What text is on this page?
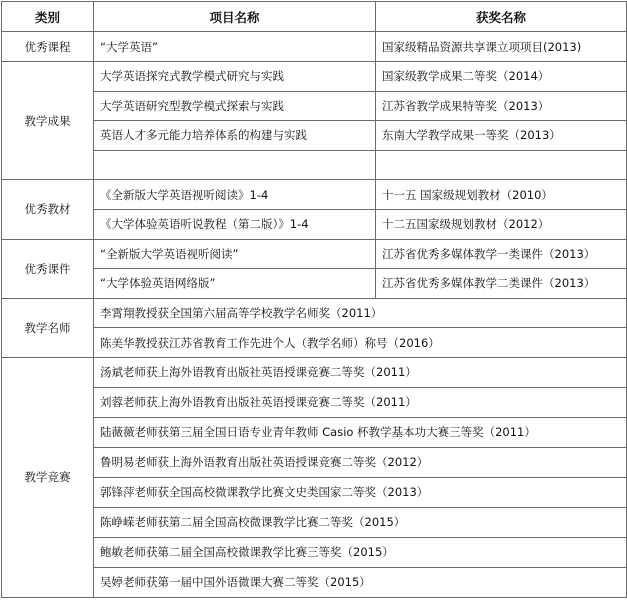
类别	项目名称	获奖名称
优秀课程	“大学英语”	国家级精品资源共享课立项项目(2013)
教学成果	大学英语探究式教学模式研究与实践	国家级教学成果二等奖（2014）
	大学英语研究型教学模式探索与实践	江苏省教学成果特等奖（2013）
	英语人才多元能力培养体系的构建与实践	东南大学教学成果一等奖（2013）

优秀教材	《全新版大学英语视听阅读》1-4	十一五 国家级规划教材（2010）
	《大学体验英语听说教程（第二版）》1-4	十二五国家级规划教材（2012）
优秀课件	“全新版大学英语视听阅读”	江苏省优秀多媒体教学一类课件（2013）
	“大学体验英语网络版”	江苏省优秀多媒体教学二类课件（2013）
教学名师	李霄翔教授获全国第六届高等学校教学名师奖（2011）	
	陈美华教授获江苏省教育工作先进个人（教学名师）称号（2016）	
教学竞赛	汤斌老师获上海外语教育出版社英语授课竞赛二等奖（2011）	
	刘蓉老师获上海外语教育出版社英语授课竞赛二等奖（2011）	
	陆薇薇老师获第三届全国日语专业青年教师 Casio 杯教学基本功大赛三等奖（2011）	
	鲁明易老师获上海外语教育出版社英语授课竞赛二等奖（2012）	
	郭锋萍老师获全国高校微课教学比赛文史类国家二等奖（2013）	
	陈峥嵘老师获第二届全国高校微课教学比赛二等奖（2015）	
	鲍敏老师获第二届全国高校微课教学比赛三等奖（2015）	
	吴婷老师获第一届中国外语微课大赛二等奖（2015）	
